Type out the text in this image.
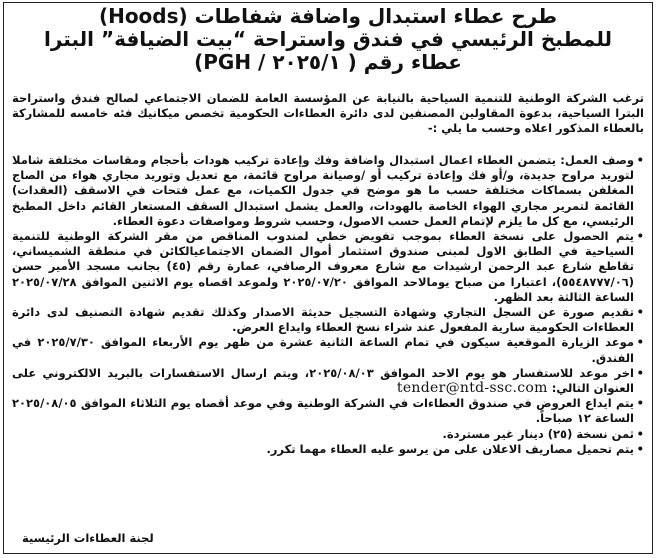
طرح عطاء استبدال واضافة شفاطات (Hoods)
للمطبخ الرئيسي في فندق واستراحة “بيت الضيافة” البترا
عطاء رقم ( ٢٠٢٥/١ / PGH)
ترغب الشركة الوطنية للتنمية السياحية بالنيابة عن المؤسسة العامة للضمان الاجتماعي لصالح فندق واستراحة البترا السياحية، بدعوة المقاولين المصنفين لدى دائرة العطاءات الحكومية تخصص ميكانيك فئه خامسه للمشاركة بالعطاء المذكور اعلاه وحسب ما يلي :-
• وصف العمل: يتضمن العطاء اعمال استبدال واضافة وفك وإعادة تركيب هودات بأحجام ومقاسات مختلفة شاملا لتوريد مراوح جديدة، و/أو فك وإعادة تركيب أو /وصيانة مراوح قائمة، مع تعديل وتوريد مجاري هواء من الصاج المغلفن بسماكات مختلفة حسب ما هو موضح في جدول الكميات، مع عمل فتحات في الاسقف (العقدات) القائمة لتمرير مجاري الهواء الخاصة بالهودات، والعمل يشمل استبدال السقف المستعار القائم داخل المطبخ الرئيسي، مع كل ما يلزم لإتمام العمل حسب الاصول، وحسب شروط ومواصفات دعوة العطاء.
• يتم الحصول على نسخة العطاء بموجب تفويض خطي لمندوب المناقص من مقر الشركة الوطنية للتنمية السياحية في الطابق الاول لمبنى صندوق استثمار أموال الضمان الاجتماعيالكائن في منطقة الشميساني، تقاطع شارع عبد الرحمن ارشيدات مع شارع معروف الرصافي، عمارة رقم (٤٥) بجانب مسجد الأمير حسن (٥٥٤٨٧٧٧/٠٦)، اعتبارا من صباح يومالاحد الموافق ٢٠٢٥/٠٧/٢٠ ولموعد اقصاه يوم الاثنين الموافق ٢٠٢٥/٠٧/٢٨ الساعة الثالثة بعد الظهر.
• تقديم صورة عن السجل التجاري وشهادة التسجيل حديثة الاصدار وكذلك تقديم شهادة التصنيف لدى دائرة العطاءات الحكومية سارية المفعول عند شراء نسخ العطاء وايداع العرض.
• موعد الزيارة الموقعية سيكون في تمام الساعة الثانية عشرة من ظهر يوم الأربعاء الموافق ٢٠٢٥/٧/٣٠ في الفندق.
• اخر موعد للاستفسار هو يوم الاحد الموافق ٢٠٢٥/٠٨/٠٣، ويتم ارسال الاستفسارات بالبريد الالكتروني على العنوان التالي: tender@ntd-ssc.com
• يتم ايداع العروض في صندوق العطاءات في الشركة الوطنية وفي موعد أقصاه يوم الثلاثاء الموافق ٢٠٢٥/٠٨/٠٥ الساعة ١٢ صباحاً.
• ثمن نسخة (٢٥) دينار غير مستردة.
• يتم تحميل مصاريف الاعلان على من يرسو عليه العطاء مهما تكرر.
لجنة العطاءات الرئيسية
